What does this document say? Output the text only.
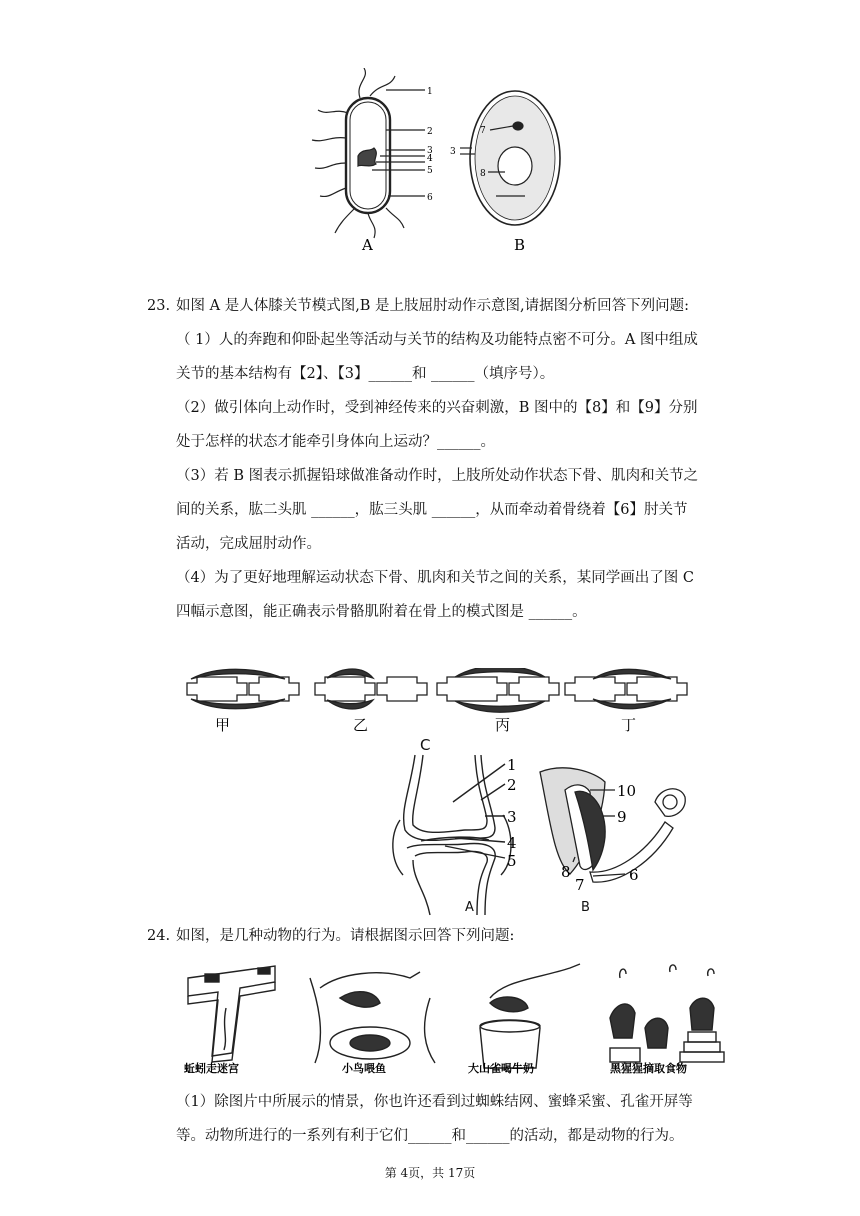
1
2
3
4
5
6
A
7
3
8
B
23. 如图 A 是人体膝关节模式图,B 是上肢屈肘动作示意图,请据图分析回答下列问题:
（ 1）人的奔跑和仰卧起坐等活动与关节的结构及功能特点密不可分。A 图中组成
关节的基本结构有【2】、【3】______和 ______（填序号）。
（2）做引体向上动作时，受到神经传来的兴奋刺激，B 图中的【8】和【9】分别
处于怎样的状态才能牵引身体向上运动？______。
（3）若 B 图表示抓握铅球做准备动作时，上肢所处动作状态下骨、肌肉和关节之
间的关系，肱二头肌 ______，肱三头肌 ______，从而牵动着骨绕着【6】肘关节
活动，完成屈肘动作。
（4）为了更好地理解运动状态下骨、肌肉和关节之间的关系，某同学画出了图 C
四幅示意图，能正确表示骨骼肌附着在骨上的模式图是 ______。
甲	乙	丙	丁
C
1
2
3
4
5
A
10
9
8
7
6
B
24. 如图，是几种动物的行为。请根据图示回答下列问题:
蚯蚓走迷宫	小鸟喂鱼	大山雀喝牛奶	黑猩猩摘取食物
（1）除图片中所展示的情景，你也许还看到过蜘蛛结网、蜜蜂采蜜、孔雀开屏等
等。动物所进行的一系列有利于它们______和______的活动，都是动物的行为。
第 4页，共 17页
